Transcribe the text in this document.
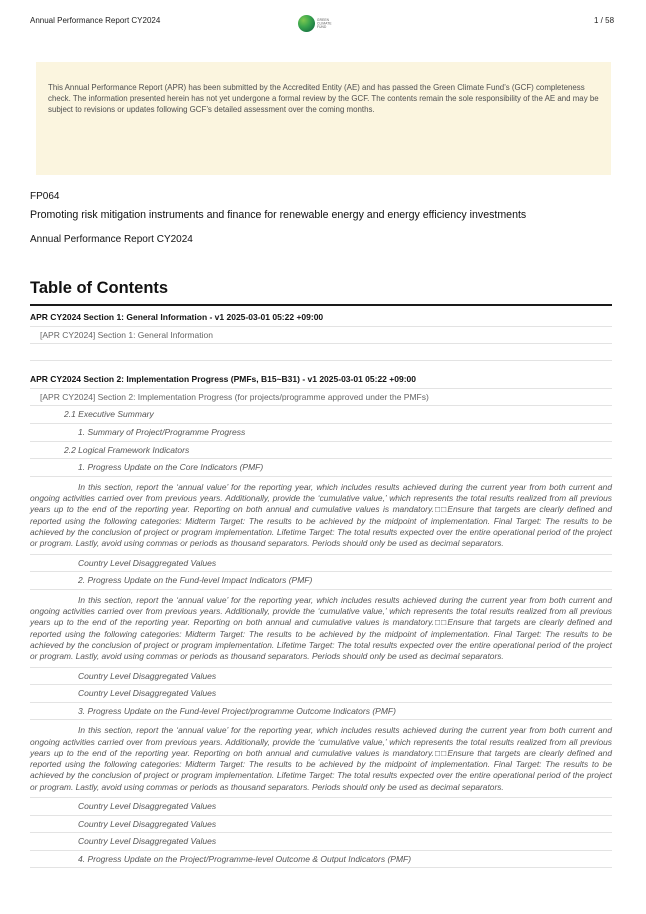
Annual Performance Report CY2024	GREEN
CLIMATE
FUND
1 / 58

This Annual Performance Report (APR) has been submitted by the Accredited Entity (AE) and has passed the Green Climate Fund’s (GCF) completeness check. The information presented herein has not yet undergone a formal review by the GCF. The contents remain the sole responsibility of the AE and may be subject to revisions or updates following GCF’s detailed assessment over the coming months.

FP064
Promoting risk mitigation instruments and finance for renewable energy and energy efficiency investments
Annual Performance Report CY2024
Table of Contents
APR CY2024 Section 1: General Information - v1 2025-03-01 05:22 +09:00
[APR CY2024] Section 1: General Information
APR CY2024 Section 2: Implementation Progress (PMFs, B15~B31) - v1 2025-03-01 05:22 +09:00
[APR CY2024] Section 2: Implementation Progress (for projects/programme approved under the PMFs)
2.1 Executive Summary
1. Summary of Project/Programme Progress
2.2 Logical Framework Indicators
1. Progress Update on the Core Indicators (PMF)
In this section, report the ‘annual value’ for the reporting year, which includes results achieved during the current year from both current and ongoing activities carried over from previous years. Additionally, provide the ‘cumulative value,’ which represents the total results realized from all previous years up to the end of the reporting year. Reporting on both annual and cumulative values is mandatory.□□Ensure that targets are clearly defined and reported using the following categories: Midterm Target: The results to be achieved by the midpoint of implementation. Final Target: The results to be achieved by the conclusion of project or program implementation. Lifetime Target: The total results expected over the entire operational period of the project or program. Lastly, avoid using commas or periods as thousand separators. Periods should only be used as decimal separators.
Country Level Disaggregated Values
2. Progress Update on the Fund-level Impact Indicators (PMF)
In this section, report the ‘annual value’ for the reporting year, which includes results achieved during the current year from both current and ongoing activities carried over from previous years. Additionally, provide the ‘cumulative value,’ which represents the total results realized from all previous years up to the end of the reporting year. Reporting on both annual and cumulative values is mandatory.□□Ensure that targets are clearly defined and reported using the following categories: Midterm Target: The results to be achieved by the midpoint of implementation. Final Target: The results to be achieved by the conclusion of project or program implementation. Lifetime Target: The total results expected over the entire operational period of the project or program. Lastly, avoid using commas or periods as thousand separators. Periods should only be used as decimal separators.
Country Level Disaggregated Values
Country Level Disaggregated Values
3. Progress Update on the Fund-level Project/programme Outcome Indicators (PMF)
In this section, report the ‘annual value’ for the reporting year, which includes results achieved during the current year from both current and ongoing activities carried over from previous years. Additionally, provide the ‘cumulative value,’ which represents the total results realized from all previous years up to the end of the reporting year. Reporting on both annual and cumulative values is mandatory.□□Ensure that targets are clearly defined and reported using the following categories: Midterm Target: The results to be achieved by the midpoint of implementation. Final Target: The results to be achieved by the conclusion of project or program implementation. Lifetime Target: The total results expected over the entire operational period of the project or program. Lastly, avoid using commas or periods as thousand separators. Periods should only be used as decimal separators.
Country Level Disaggregated Values
Country Level Disaggregated Values
Country Level Disaggregated Values
4. Progress Update on the Project/Programme-level Outcome & Output Indicators (PMF)
